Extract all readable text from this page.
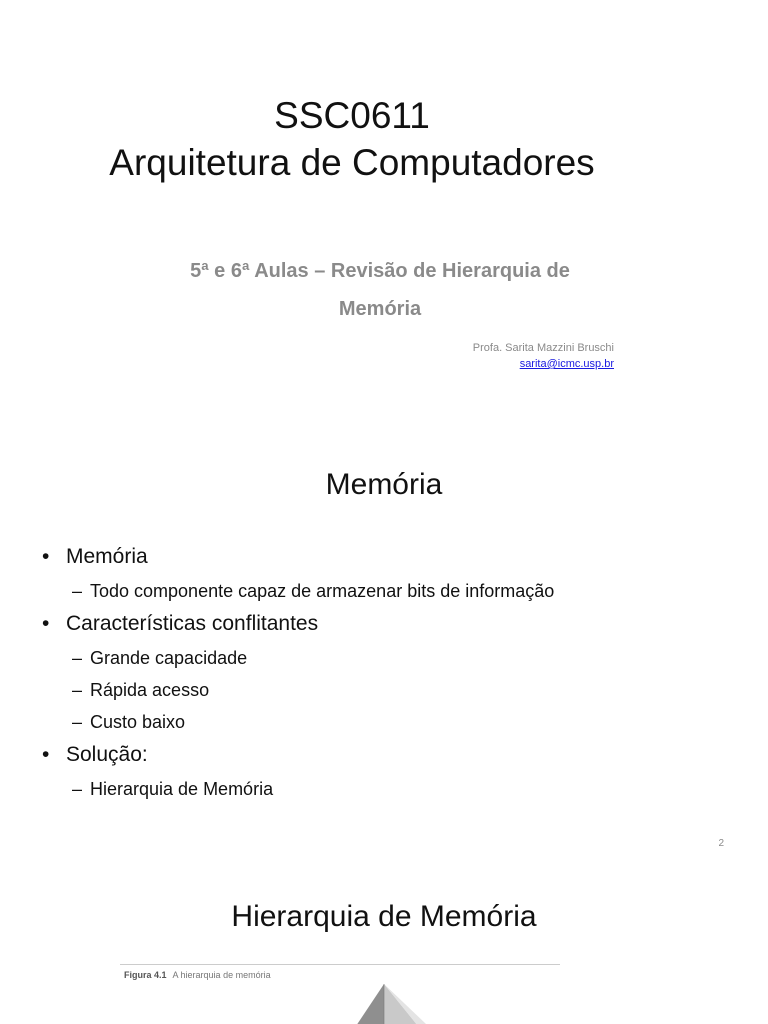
SSC0611
Arquitetura de Computadores
5ª e 6ª Aulas – Revisão de Hierarquia de
Memória
Profa. Sarita Mazzini Bruschi
sarita@icmc.usp.br
Memória
• Memória
– Todo componente capaz de armazenar bits de informação
• Características conflitantes
– Grande capacidade
– Rápida acesso
– Custo baixo
• Solução:
– Hierarquia de Memória
2
Hierarquia de Memória
Figura 4.1 A hierarquia de memória
